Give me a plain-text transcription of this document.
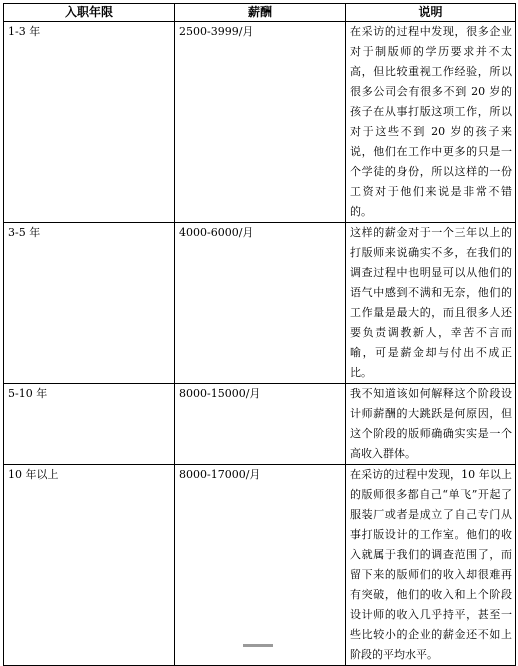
入职年限	薪酬	说明
1-3 年	2500-3999/月	在采访的过程中发现，很多企业对于制版师的学历要求并不太高，但比较重视工作经验，所以很多公司会有很多不到 20 岁的孩子在从事打版这项工作，所以对于这些不到 20 岁的孩子来说，他们在工作中更多的只是一个学徒的身份，所以这样的一份工资对于他们来说是非常不错的。
3-5 年	4000-6000/月	这样的薪金对于一个三年以上的打版师来说确实不多，在我们的调查过程中也明显可以从他们的语气中感到不满和无奈，他们的工作量是最大的，而且很多人还要负责调教新人，幸苦不言而喻，可是薪金却与付出不成正比。
5-10 年	8000-15000/月	我不知道该如何解释这个阶段设计师薪酬的大跳跃是何原因，但这个阶段的版师确确实实是一个高收入群体。
10 年以上	8000-17000/月	在采访的过程中发现，10 年以上的版师很多都自己“单飞”开起了服装厂或者是成立了自己专门从事打版设计的工作室。他们的收入就属于我们的调查范围了，而留下来的版师们的收入却很难再有突破，他们的收入和上个阶段设计师的收入几乎持平，甚至一些比较小的企业的薪金还不如上阶段的平均水平。
